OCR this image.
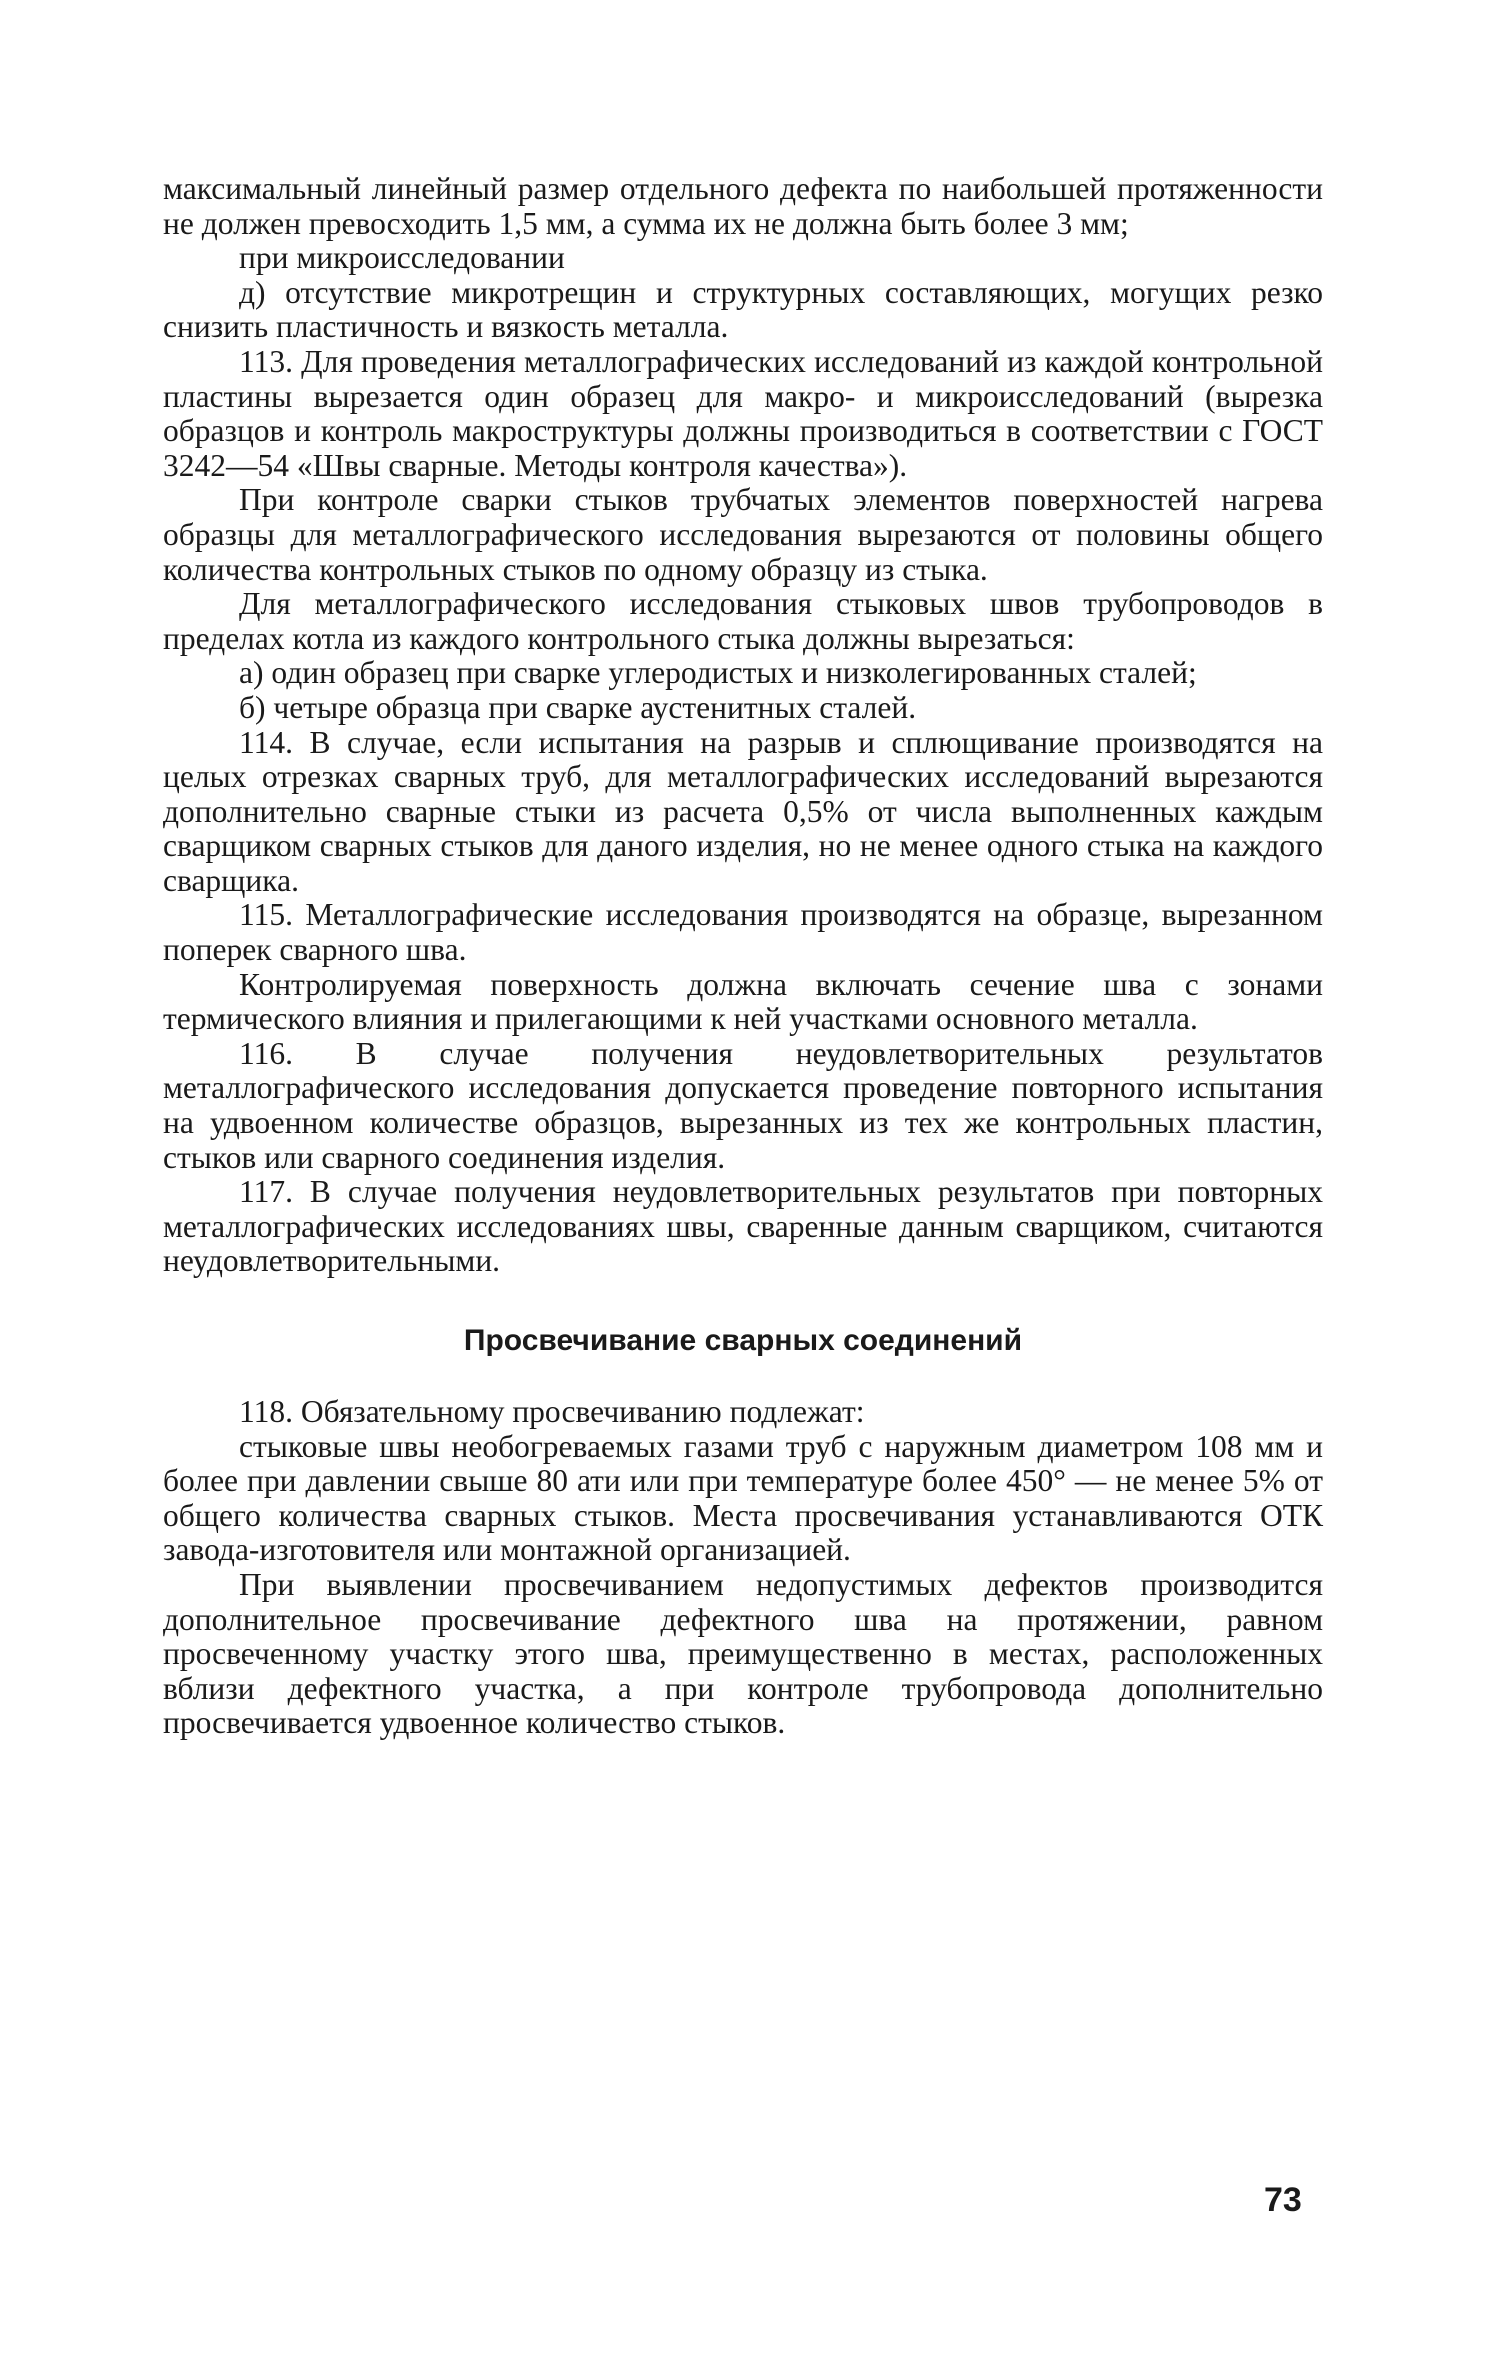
максимальный линейный размер отдельного дефекта по наибольшей протяженности не должен превосходить 1,5 мм, а сумма их не должна быть более 3 мм;

при микроисследовании

д) отсутствие микротрещин и структурных составляющих, могущих резко снизить пластичность и вязкость металла.

113. Для проведения металлографических исследований из каждой контрольной пластины вырезается один образец для макро- и микроисследований (вырезка образцов и контроль макроструктуры должны производиться в соответствии с ГОСТ 3242—54 «Швы сварные. Методы контроля качества»).

При контроле сварки стыков трубчатых элементов поверхностей нагрева образцы для металлографического исследования вырезаются от половины общего количества контрольных стыков по одному образцу из стыка.

Для металлографического исследования стыковых швов трубопроводов в пределах котла из каждого контрольного стыка должны вырезаться:

а) один образец при сварке углеродистых и низколегированных сталей;

б) четыре образца при сварке аустенитных сталей.

114. В случае, если испытания на разрыв и сплющивание производятся на целых отрезках сварных труб, для металлографических исследований вырезаются дополнительно сварные стыки из расчета 0,5% от числа выполненных каждым сварщиком сварных стыков для даного изделия, но не менее одного стыка на каждого сварщика.

115. Металлографические исследования производятся на образце, вырезанном поперек сварного шва.

Контролируемая поверхность должна включать сечение шва с зонами термического влияния и прилегающими к ней участками основного металла.

116. В случае получения неудовлетворительных результатов металлографического исследования допускается проведение повторного испытания на удвоенном количестве образцов, вырезанных из тех же контрольных пластин, стыков или сварного соединения изделия.

117. В случае получения неудовлетворительных результатов при повторных металлографических исследованиях швы, сваренные данным сварщиком, считаются неудовлетворительными.

Просвечивание сварных соединений

118. Обязательному просвечиванию подлежат:

стыковые швы необогреваемых газами труб с наружным диаметром 108 мм и более при давлении свыше 80 ати или при температуре более 450° — не менее 5% от общего количества сварных стыков. Места просвечивания устанавливаются ОТК завода-изготовителя или монтажной организацией.

При выявлении просвечиванием недопустимых дефектов производится дополнительное просвечивание дефектного шва на протяжении, равном просвеченному участку этого шва, преимущественно в местах, расположенных вблизи дефектного участка, а при контроле трубопровода дополнительно просвечивается удвоенное количество стыков.

73
